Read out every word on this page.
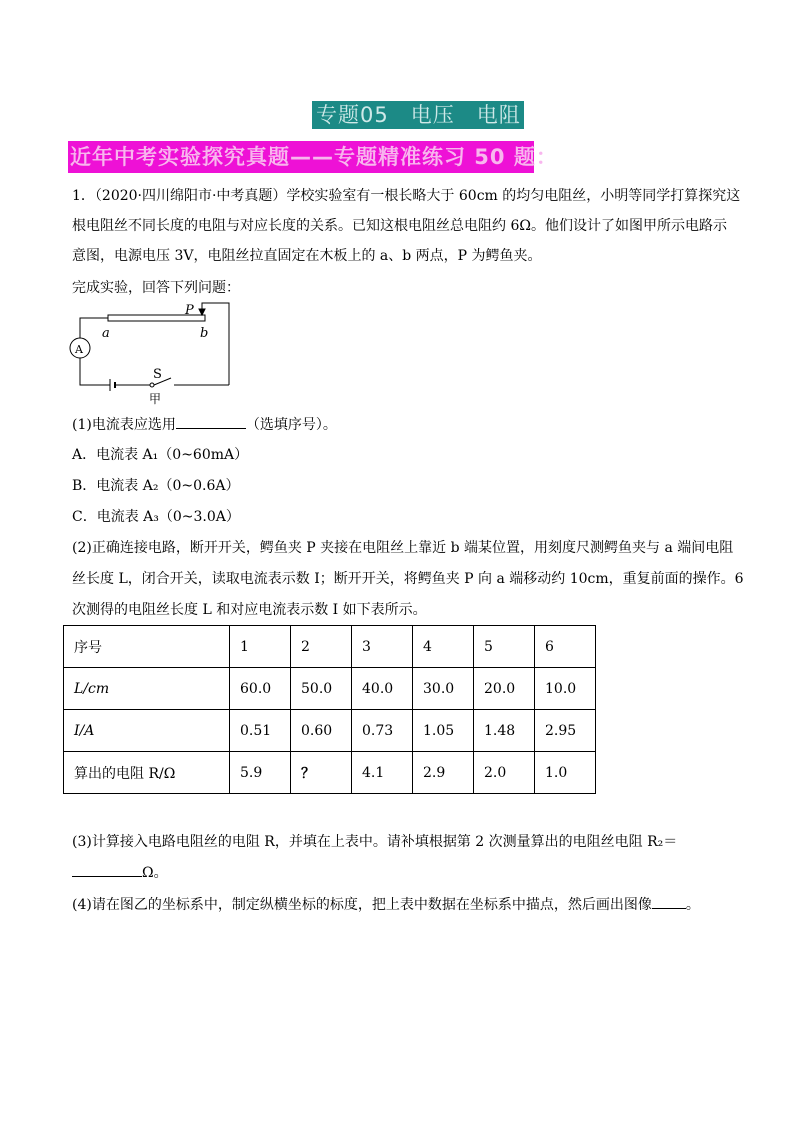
专题05　电压　电阻
近年中考实验探究真题——专题精准练习 50 题：
1．（2020·四川绵阳市·中考真题）学校实验室有一根长略大于 60cm 的均匀电阻丝，小明等同学打算探究这
根电阻丝不同长度的电阻与对应长度的关系。已知这根电阻丝总电阻约 6Ω。他们设计了如图甲所示电路示
意图，电源电压 3V，电阻丝拉直固定在木板上的 a、b 两点，P 为鳄鱼夹。
完成实验，回答下列问题：
P
a	b
A
S
甲
(1)电流表应选用	（选填序号）。
A．电流表 A₁（0~60mA）
B．电流表 A₂（0~0.6A）
C．电流表 A₃（0~3.0A）
(2)正确连接电路，断开开关，鳄鱼夹 P 夹接在电阻丝上靠近 b 端某位置，用刻度尺测鳄鱼夹与 a 端间电阻
丝长度 L，闭合开关，读取电流表示数 I；断开开关，将鳄鱼夹 P 向 a 端移动约 10cm，重复前面的操作。6
次测得的电阻丝长度 L 和对应电流表示数 I 如下表所示。
序号	1	2	3	4	5	6
L/cm	60.0	50.0	40.0	30.0	20.0	10.0
I/A	0.51	0.60	0.73	1.05	1.48	2.95
算出的电阻 R/Ω	5.9	？	4.1	2.9	2.0	1.0
(3)计算接入电路电阻丝的电阻 R，并填在上表中。请补填根据第 2 次测量算出的电阻丝电阻 R₂＝
Ω。
(4)请在图乙的坐标系中，制定纵横坐标的标度，把上表中数据在坐标系中描点，然后画出图像 。
